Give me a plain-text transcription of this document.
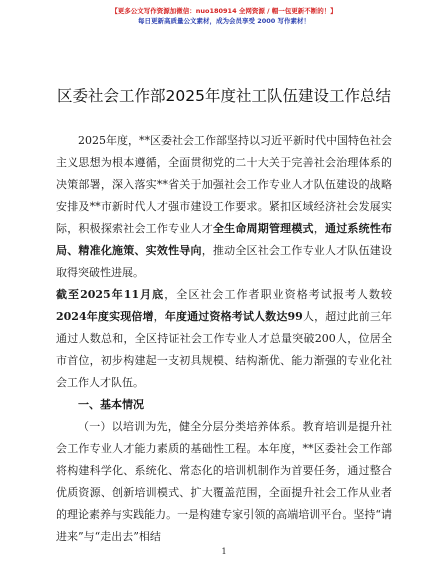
【更多公文写作资源加微信：nuo180914 全网资源 / 帽一包更新不断的！】
每日更新高质量公文素材，成为会员享受 2000 写作素材！
区委社会工作部2025年度社工队伍建设工作总结

2025年度，**区委社会工作部坚持以习近平新时代中国特色社会主义思想为根本遵循，全面贯彻党的二十大关于完善社会治理体系的决策部署，深入落实**省关于加强社会工作专业人才队伍建设的战略安排及**市新时代人才强市建设工作要求。紧扣区域经济社会发展实际，积极探索社会工作专业人才全生命周期管理模式，通过系统性布局、精准化施策、实效性导向，推动全区社会工作专业人才队伍建设取得突破性进展。

截至2025年11月底，全区社会工作者职业资格考试报考人数较2024年度实现倍增，年度通过资格考试人数达99人，超过此前三年通过人数总和，全区持证社会工作专业人才总量突破200人，位居全市首位，初步构建起一支初具规模、结构渐优、能力渐强的专业化社会工作人才队伍。

一、基本情况

（一）以培训为先，健全分层分类培养体系。教育培训是提升社会工作专业人才能力素质的基础性工程。本年度，**区委社会工作部将构建科学化、系统化、常态化的培训机制作为首要任务，通过整合优质资源、创新培训模式、扩大覆盖范围，全面提升社会工作从业者的理论素养与实践能力。一是构建专家引领的高端培训平台。坚持“请进来”与“走出去”相结

1
